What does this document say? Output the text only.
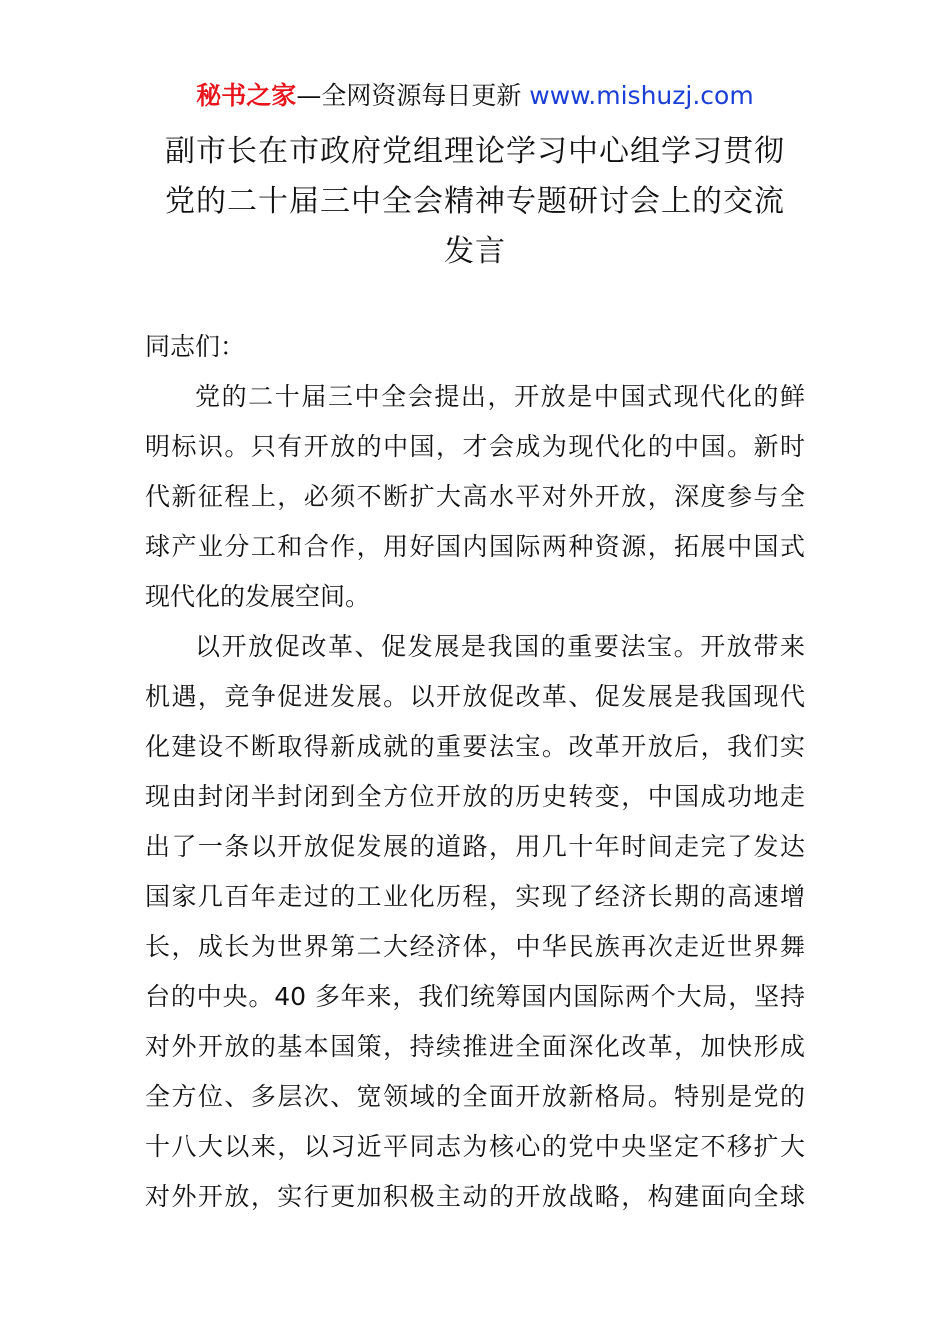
秘书之家—全网资源每日更新 www.mishuzj.com
副市长在市政府党组理论学习中心组学习贯彻
党的二十届三中全会精神专题研讨会上的交流
发言

同志们：

党的二十届三中全会提出，开放是中国式现代化的鲜
明标识。只有开放的中国，才会成为现代化的中国。新时
代新征程上，必须不断扩大高水平对外开放，深度参与全
球产业分工和合作，用好国内国际两种资源，拓展中国式
现代化的发展空间。

以开放促改革、促发展是我国的重要法宝。开放带来
机遇，竞争促进发展。以开放促改革、促发展是我国现代
化建设不断取得新成就的重要法宝。改革开放后，我们实
现由封闭半封闭到全方位开放的历史转变，中国成功地走
出了一条以开放促发展的道路，用几十年时间走完了发达
国家几百年走过的工业化历程，实现了经济长期的高速增
长，成长为世界第二大经济体，中华民族再次走近世界舞
台的中央。40 多年来，我们统筹国内国际两个大局，坚持
对外开放的基本国策，持续推进全面深化改革，加快形成
全方位、多层次、宽领域的全面开放新格局。特别是党的
十八大以来，以习近平同志为核心的党中央坚定不移扩大
对外开放，实行更加积极主动的开放战略，构建面向全球
